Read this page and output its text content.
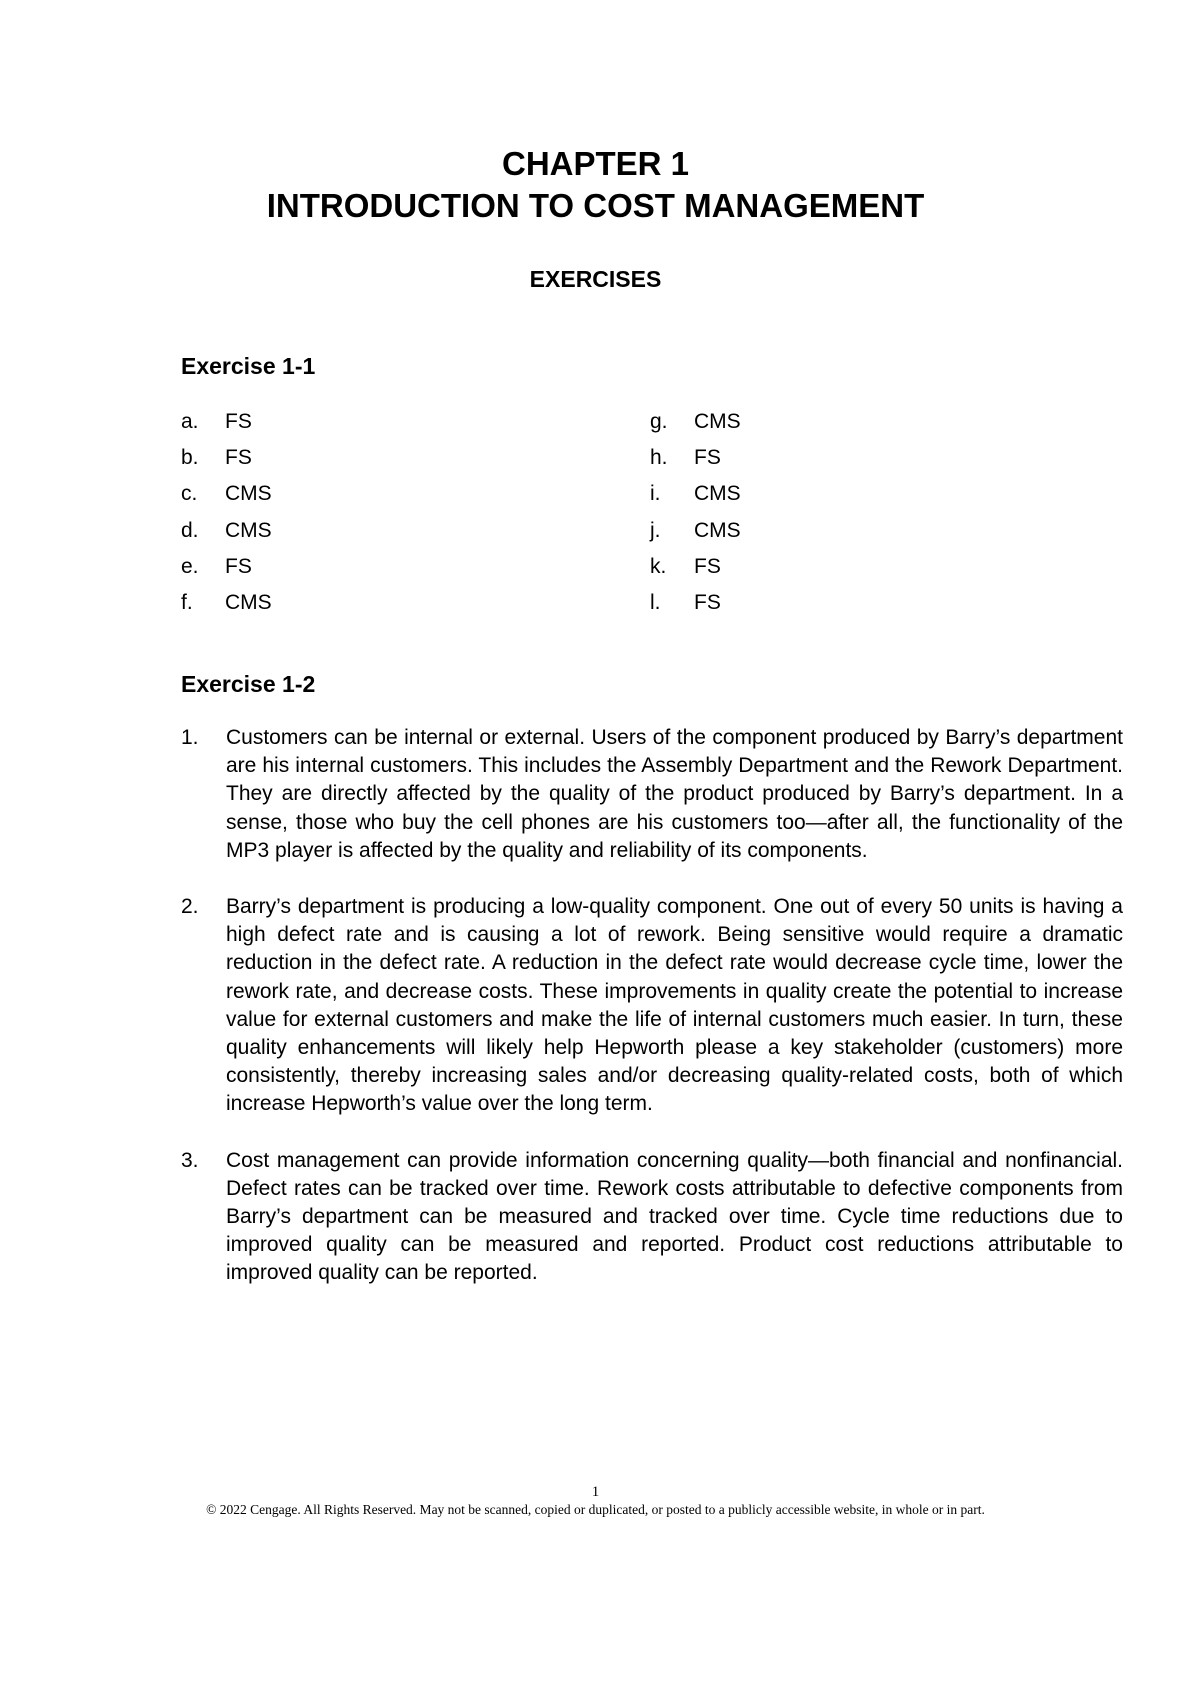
CHAPTER 1
INTRODUCTION TO COST MANAGEMENT
EXERCISES
Exercise 1-1
a. FS
b. FS
c. CMS
d. CMS
e. FS
f. CMS
g. CMS
h. FS
i. CMS
j. CMS
k. FS
l. FS
Exercise 1-2
1. Customers can be internal or external. Users of the component produced by Barry’s department are his internal customers. This includes the Assembly Department and the Rework Department. They are directly affected by the quality of the product produced by Barry’s department. In a sense, those who buy the cell phones are his customers too—after all, the functionality of the MP3 player is affected by the quality and reliability of its components.
2. Barry’s department is producing a low-quality component. One out of every 50 units is having a high defect rate and is causing a lot of rework. Being sensitive would require a dramatic reduction in the defect rate. A reduction in the defect rate would decrease cycle time, lower the rework rate, and decrease costs. These improvements in quality create the potential to increase value for external customers and make the life of internal customers much easier. In turn, these quality enhancements will likely help Hepworth please a key stakeholder (customers) more consistently, thereby increasing sales and/or decreasing quality-related costs, both of which increase Hepworth’s value over the long term.
3. Cost management can provide information concerning quality—both financial and nonfinancial. Defect rates can be tracked over time. Rework costs attributable to defective components from Barry’s department can be measured and tracked over time. Cycle time reductions due to improved quality can be measured and reported. Product cost reductions attributable to improved quality can be reported.
1
© 2022 Cengage. All Rights Reserved. May not be scanned, copied or duplicated, or posted to a publicly accessible website, in whole or in part.
